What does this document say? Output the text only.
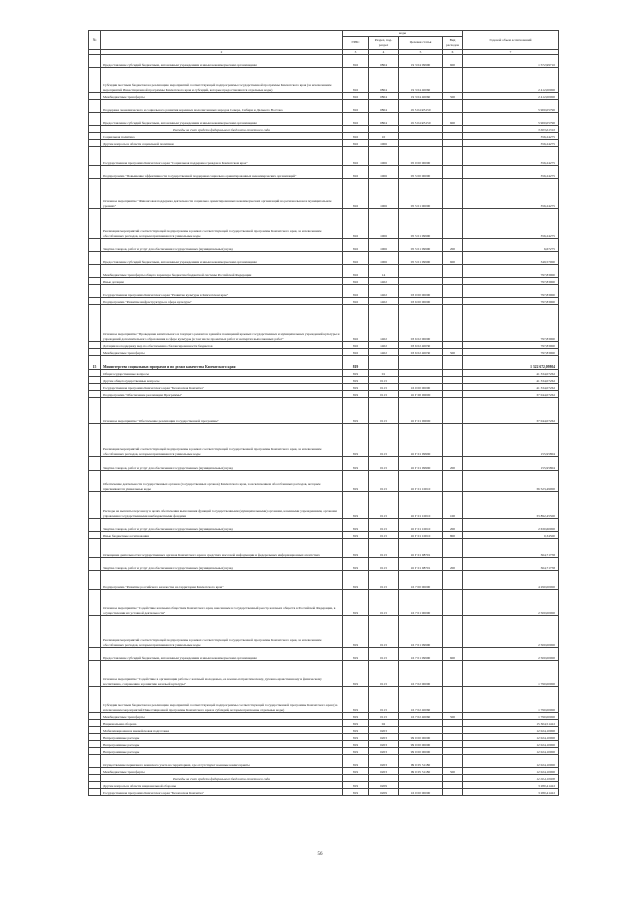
№		коды				Годовой объем ассигнований
		ГРБС	Раздел, под-раздел	Целевая статья	Вид расходов	
	2	3	4	5	6	7
	Предоставление субсидий бюджетным, автономным учреждениям и иным некоммерческим организациям	816	0804	19 3 04 09990	600	1 572,99710
	Субсидии местным бюджетам на реализацию мероприятий соответствующей подпрограммы государственной программы Камчатского края (за исключением мероприятий Инвестиционной программы Камчатского края и субсидий, которые предоставляются отдельные коды)	816	0804	19 3 04 40060		2 412,00000
	Межбюджетные трансферты	816	0804	19 3 04 40060	500	2 412,00000
	Поддержка экономического и социального развития коренных малочисленных народов Севера, Сибири и Дальнего Востока	816	0804	19 3 04 R5150		5 900,05790
	Предоставление субсидий бюджетным, автономным учреждениям и иным некоммерческим организациям	816	0804	19 3 04 R5150	600	5 900,05790
	Расходы за счет средств федерального бюджета отчетного года					3 603,61310
	Социальная политика	816	10			356,24275
	Другие вопросы в области социальной политики	816	1006			356,24275
	Государственная программа Камчатского края "Социальная поддержка граждан в Камчатском крае"	816	1006	05 0 00 00000		356,24275
	Подпрограмма "Повышение эффективности государственной поддержки социально ориентированных некоммерческих организаций"	816	1006	05 5 00 00000		356,24275
	Основное мероприятие "Финансовая поддержка деятельности социально ориентированных некоммерческих организаций на региональном и муниципальном уровнях"	816	1006	05 5 01 00000		356,24275
	Реализация мероприятий соответствующей подпрограммы в рамках соответствующей государственной программы Камчатского края, за исключением обособленных расходов, которым присваиваются уникальные коды	816	1006	05 5 01 09990		356,24275
	Закупка товаров, работ и услуг для обеспечения государственных (муниципальных) нужд	816	1006	05 5 01 09990	200	6,67275
	Предоставление субсидий бюджетным, автономным учреждениям и иным некоммерческим организациям	816	1006	05 5 01 09990	600	349,57000
	Межбюджетные трансферты общего характера бюджетам бюджетной системы Российской Федерации	816	14			797,83900
	Иные дотации	816	1402			797,83900
	Государственная программа Камчатского края "Развитие культуры в Камчатском крае"	816	1402	03 0 00 00000		797,83900
	Подпрограмма "Развитие инфраструктуры в сфере культуры"	816	1402	03 6 00 00000		797,83900
	Основное мероприятие "Проведение капитального и текущего ремонтов зданий и помещений краевых государственных и муниципальных учреждений культуры и учреждений дополнительного образования в сфере культуры (в том числе проектных работ и экспертиз выполненных работ"	816	1402	03 6 02 00000		797,83900
	Дотации на поддержку мер по обеспечению сбалансированности бюджетов	816	1402	03 6 02 40030		797,83900
	Межбюджетные трансферты	816	1402	03 6 02 40030	500	797,83900
15	Министерство социальных программ и по делам казачества Камчатского края	819				1 322 672,09804
	Общегосударственные вопросы	819	01			41 334,07262
	Другие общегосударственные вопросы	819	0113			41 334,07262
	Государственная программа Камчатского края "Безопасная Камчатка"	819	0113	16 0 00 00000		41 334,07262
	Подпрограмма "Обеспечение реализации Программы"	819	0113	16 Г 00 00000		37 044,07262
	Основное мероприятие "Обеспечение реализации государственной программы"	819	0113	16 Г 01 00000		37 044,07262
	Реализация мероприятий соответствующей подпрограммы в рамках соответствующей государственной программы Камчатского края, за исключением обособленных расходов, которым присваиваются уникальные коды	819	0113	16 Г 01 09990		155,95804
	Закупка товаров, работ и услуг для обеспечения государственных (муниципальных) нужд	819	0113	16 Г 01 09990	200	155,95804
	Обеспечение деятельности государственных органов (государственных органов) Камчатского края, за исключением обособленных расходов, которым присваиваются уникальные коды	819	0113	16 Г 01 10010		36 523,49000
	Расходы на выплаты персоналу в целях обеспечения выполнения функций государственными (муниципальными) органами, казенными учреждениями, органами управления государственными внебюджетными фондами	819	0113	16 Г 01 10010	100	33 892,45500
	Закупка товаров, работ и услуг для обеспечения государственных (муниципальных) нужд	819	0113	16 Г 01 10010	200	2 630,60000
	Иные бюджетные ассигнования	819	0113	16 Г 01 10010	800	0,34500
	Освещение деятельности государственных органов Камчатского края в средствах массовой информации и федеральных информационных агентствах	819	0113	16 Г 01 98701		364,71758
	Закупка товаров, работ и услуг для обеспечения государственных (муниципальных) нужд	819	0113	16 Г 01 98701	200	364,71758
	Подпрограмма "Развитие российского казачества на территории Камчатского края"	819	0113	16 7 00 00000		4 290,00000
	Основное мероприятие "Содействие казачьим обществам Камчатского края, внесенным в государственный реестр казачьих обществ в Российской Федерации, в осуществлении их уставной деятельности"	819	0113	16 7 01 00000		2 500,00000
	Реализация мероприятий соответствующей подпрограммы в рамках соответствующей государственной программы Камчатского края, за исключением обособленных расходов, которым присваиваются уникальные коды	819	0113	16 7 01 09990		2 500,00000
	Предоставление субсидий бюджетным, автономным учреждениям и иным некоммерческим организациям	819	0113	16 7 01 09990	600	2 500,00000
	Основное мероприятие "Содействие в организации работы с казачьей молодежью, ее военно-патриотическому, духовно-нравственному и физическому воспитанию, сохранению и развитию казачьей культуры"	819	0113	16 7 02 00000		1 790,00000
	Субсидии местным бюджетам на реализацию мероприятий соответствующей подпрограммы соответствующей государственной программы Камчатского края (за исключением мероприятий Инвестиционной программы Камчатского края и субсидий, которым присвоены отдельные коды)	819	0113	16 7 02 40060		1 790,00000
	Межбюджетные трансферты	819	0113	16 7 02 40060	500	1 790,00000
	Национальная оборона	819	02			15 304,51422
	Мобилизационная и вневойсковая подготовка	819	0203			12 024,10000
	Непрограммные расходы	819	0203	99 0 00 00000		12 024,10000
	Непрограммные расходы	819	0203	99 0 00 00000		12 024,10000
	Непрограммные расходы	819	0203	99 0 00 00000		12 024,10000
	Осуществление первичного воинского учета на территориях, где отсутствуют военные комиссариаты	819	0203	99 0 05 51180		12 024,10000
	Межбюджетные трансферты	819	0203	99 0 05 51180	500	12 024,10000
	Расходы за счет средств федерального бюджета отчетного года					12 024,10000
	Другие вопросы в области национальной обороны	819	0209			3 280,41422
	Государственная программа Камчатского края "Безопасная Камчатка"	819	0209	16 0 00 00000		3 280,41422
56
